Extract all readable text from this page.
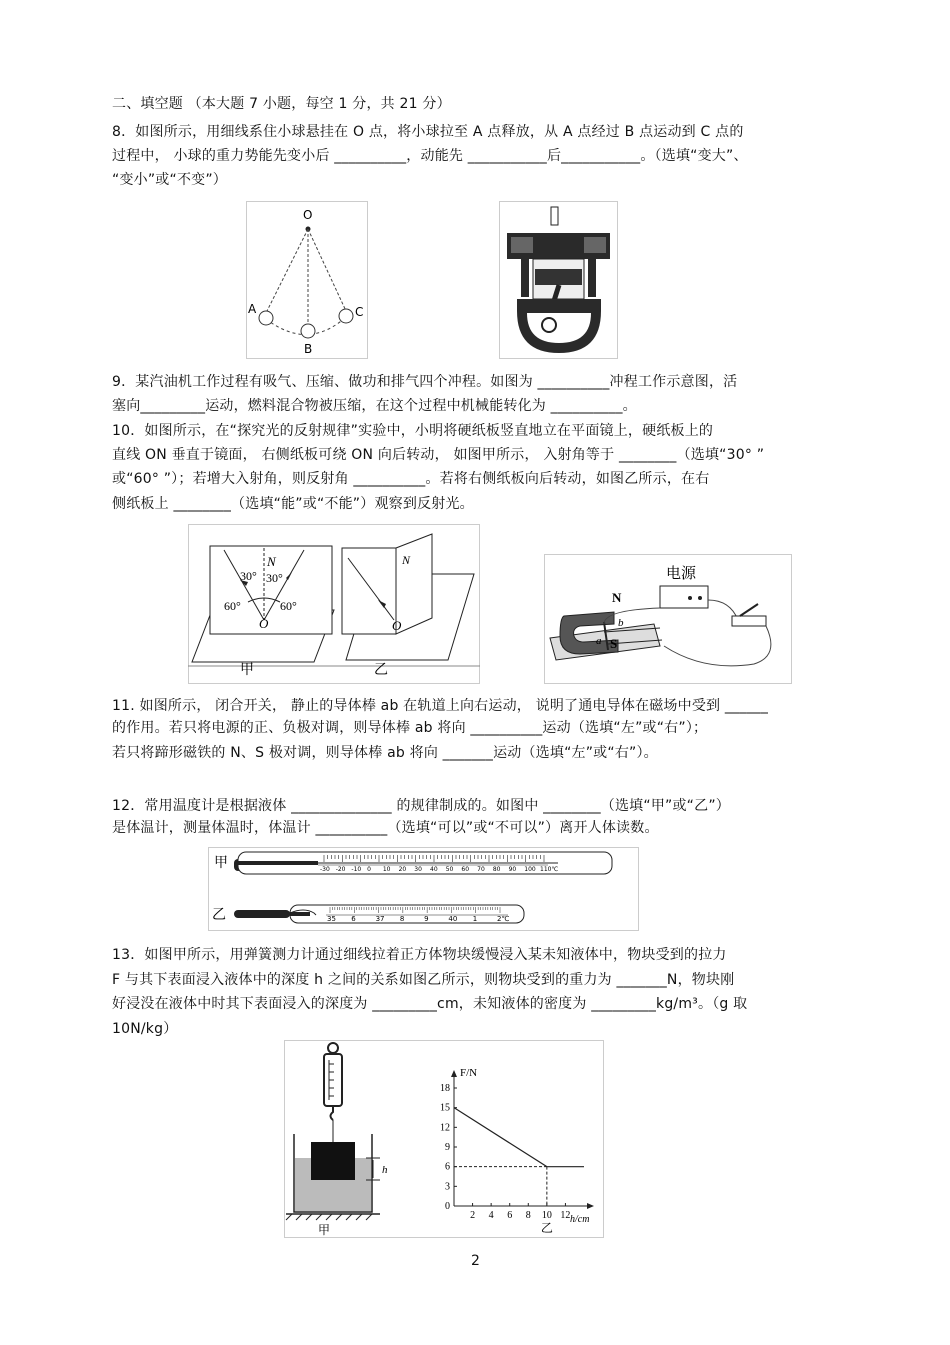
二、填空题 （本大题 7 小题，每空 1 分，共 21 分）
8．如图所示，用细线系住小球悬挂在 O 点，将小球拉至 A 点释放，从 A 点经过 B 点运动到 C 点的
过程中， 小球的重力势能先变小后 __________，动能先 ___________后___________。（选填“变大”、
“变小”或“不变”）
O
A
B
C
9．某汽油机工作过程有吸气、压缩、做功和排气四个冲程。如图为 __________冲程工作示意图，活
塞向_________运动，燃料混合物被压缩，在这个过程中机械能转化为 __________。
10．如图所示，在“探究光的反射规律”实验中，小明将硬纸板竖直地立在平面镜上，硬纸板上的
直线 ON 垂直于镜面， 右侧纸板可绕 ON 向后转动， 如图甲所示， 入射角等于 ________（选填“30° ”
或“60° ”）；若增大入射角，则反射角 __________。若将右侧纸板向后转动，如图乙所示，在右
侧纸板上 ________（选填“能”或“不能”）观察到反射光。
N
30° 30°
60°	60°
O
甲
N
O
乙
电源
N
S
a
b
11. 如图所示， 闭合开关， 静止的导体棒 ab 在轨道上向右运动， 说明了通电导体在磁场中受到 ______
的作用。若只将电源的正、负极对调，则导体棒 ab 将向 __________运动（选填“左”或“右”）；
若只将蹄形磁铁的 N、S 极对调，则导体棒 ab 将向 _______运动（选填“左”或“右”）。
12．常用温度计是根据液体 ______________ 的规律制成的。如图中 ________（选填“甲”或“乙”）
是体温计，测量体温时，体温计 __________（选填“可以”或“不可以”）离开人体读数。
甲	-30 -20 -10 0 10 20 30 40 50 60 70 80 90 100 110℃
乙	35 6	37 8	9	40 1	2℃
13．如图甲所示，用弹簧测力计通过细线拉着正方体物块缓慢浸入某未知液体中，物块受到的拉力
F 与其下表面浸入液体中的深度 h 之间的关系如图乙所示，则物块受到的重力为 _______N，物块刚
好浸没在液体中时其下表面浸入的深度为 _________cm，未知液体的密度为 _________kg/m³。（g 取
10N/kg）
h
甲
0
3
6
9
12
15
18
2 4 6 8 10 12
F/N
h/cm
乙
2
